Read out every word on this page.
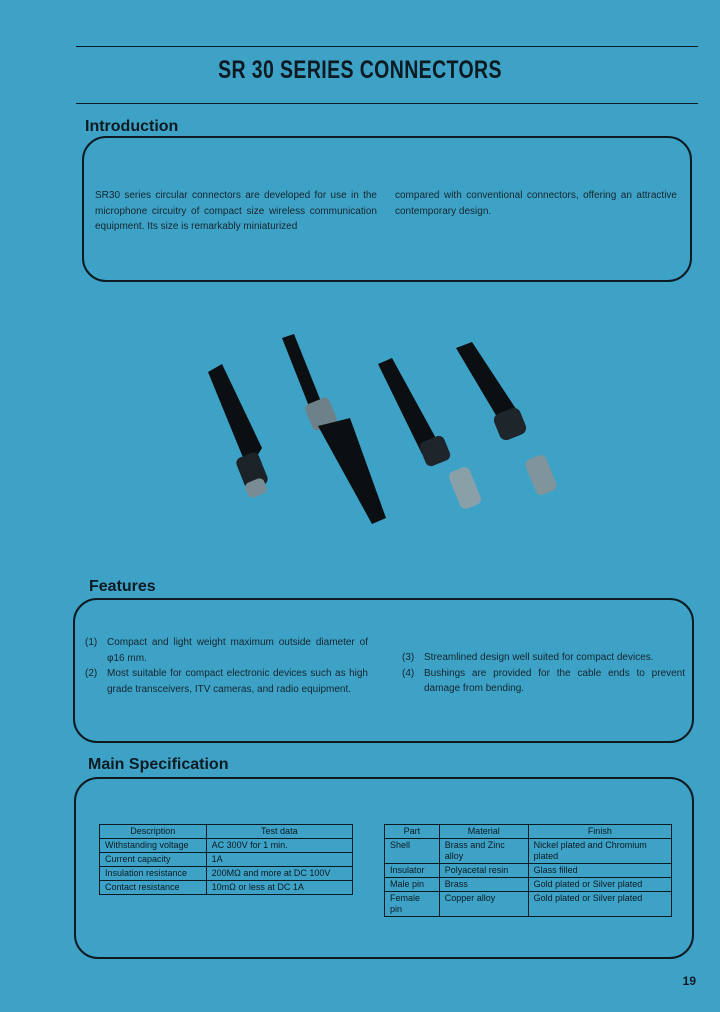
SR 30 SERIES CONNECTORS
Introduction
SR30 series circular connectors are developed for use in the microphone circuitry of compact size wireless communication equipment. Its size is remarkably miniaturized
compared with conventional connectors, offering an attractive contemporary design.
Features
(1) Compact and light weight maximum outside diameter of φ16 mm.
(2) Most suitable for compact electronic devices such as high grade transceivers, ITV cameras, and radio equipment.
(3) Streamlined design well suited for compact devices.
(4) Bushings are provided for the cable ends to prevent damage from bending.
Main Specification
Description	Test data
Withstanding voltage	AC 300V for 1 min.
Current capacity	1A
Insulation resistance	200MΩ and more at DC 100V
Contact resistance	10mΩ or less at DC 1A
Part	Material	Finish
Shell	Brass and Zinc alloy	Nickel plated and Chromium plated
Insulator	Polyacetal resin	Glass filled
Male pin	Brass	Gold plated or Silver plated
Female pin	Copper alloy	Gold plated or Silver plated
19
